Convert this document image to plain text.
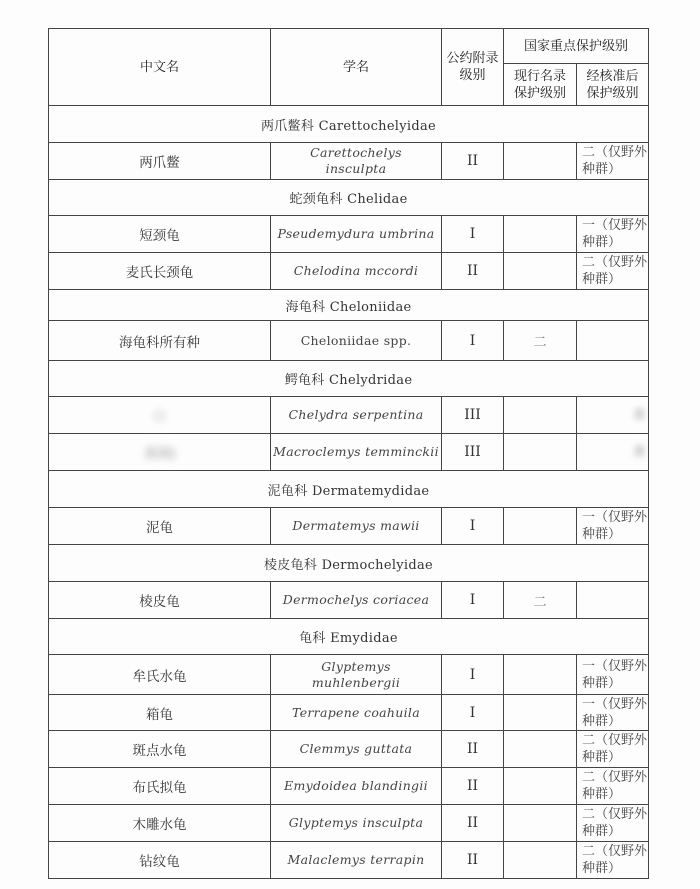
中文名	学名	公约附录级别	国家重点保护级别	
			现行名录保护级别	经核准后保护级别
两爪鳖科 Carettochelyidae				
两爪鳖	Carettochelys insculpta	II		二（仅野外种群）
蛇颈龟科 Chelidae				
短颈龟	Pseudemydura umbrina	I		一（仅野外种群）
麦氏长颈龟	Chelodina mccordi	II		二（仅野外种群）
海龟科 Cheloniidae				
海龟科所有种	Cheloniidae spp.	I	二	
鳄龟科 Chelydridae				
（）	Chelydra serpentina	III		准

美国)	Macroclemys temminckii	III		准

泥龟科 Dermatemydidae				
泥龟	Dermatemys mawii	I		一（仅野外种群）
棱皮龟科 Dermochelyidae				
棱皮龟	Dermochelys coriacea	I	二	
龟科 Emydidae				
牟氏水龟	Glyptemys muhlenbergii	I		一（仅野外种群）
箱龟	Terrapene coahuila	I		一（仅野外种群）
斑点水龟	Clemmys guttata	II		二（仅野外种群）
布氏拟龟	Emydoidea blandingii	II		二（仅野外种群）
木雕水龟	Glyptemys insculpta	II		二（仅野外种群）
钻纹龟	Malaclemys terrapin	II		二（仅野外种群）
